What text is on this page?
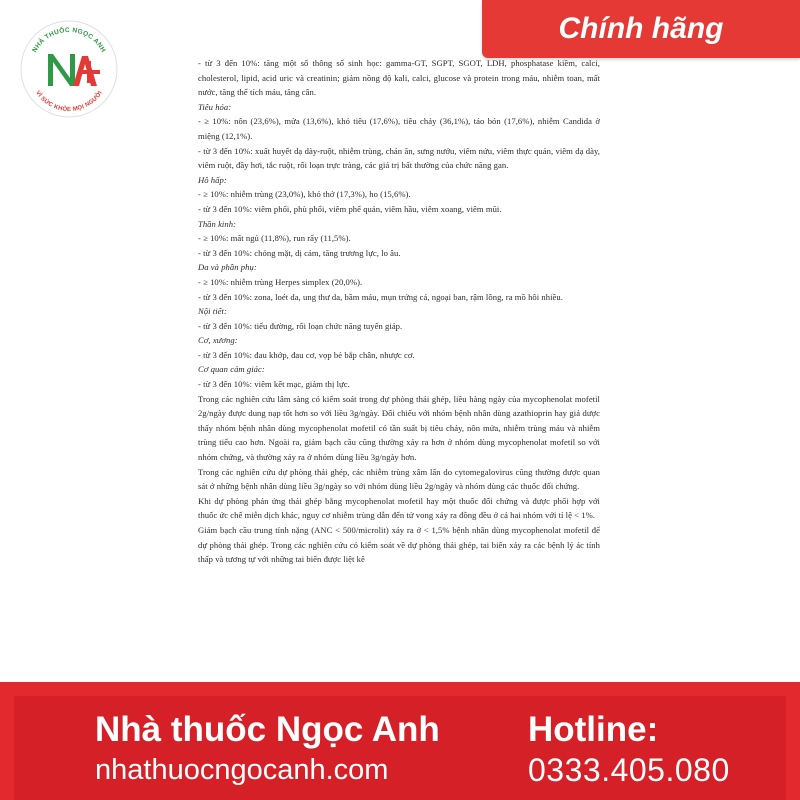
NHÀ THUỐC NGỌC ANH
VÌ SỨC KHỎE MỌI NGƯỜI
Chính hãng

- từ 3 đến 10%: tăng một số thông số sinh học: gamma-GT, SGPT, SGOT, LDH, phosphatase kiềm, calci, cholesterol, lipid, acid uric và creatinin; giảm nồng độ kali, calci, glucose và protein trong máu, nhiễm toan, mất nước, tăng thể tích máu, tăng cân.

Tiêu hóa:

- ≥ 10%: nôn (23,6%), mửa (13,6%), khó tiêu (17,6%), tiêu chảy (36,1%), táo bón (17,6%), nhiễm Candida ở miệng (12,1%).

- từ 3 đến 10%: xuất huyết dạ dày-ruột, nhiễm trùng, chán ăn, sưng nướu, viêm nứu, viêm thực quản, viêm dạ dày, viêm ruột, đầy hơi, tắc ruột, rối loạn trực tràng, các giá trị bất thường của chức năng gan.

Hô hấp:

- ≥ 10%: nhiễm trùng (23,0%), khó thở (17,3%), ho (15,6%).

- từ 3 đến 10%: viêm phổi, phù phổi, viêm phế quản, viêm hầu, viêm xoang, viêm mũi.

Thần kinh:

- ≥ 10%: mất ngủ (11,8%), run rẩy (11,5%).

- từ 3 đến 10%: chóng mặt, dị cảm, tăng trương lực, lo âu.

Da và phần phụ:

- ≥ 10%: nhiễm trùng Herpes simplex (20,0%).

- từ 3 đến 10%: zona, loét da, ung thư da, bầm máu, mụn trứng cá, ngoại ban, rậm lông, ra mồ hôi nhiều.

Nội tiết:

- từ 3 đến 10%: tiểu đường, rối loạn chức năng tuyến giáp.

Cơ, xương:

- từ 3 đến 10%: đau khớp, đau cơ, vọp bẻ bắp chân, nhược cơ.

Cơ quan cảm giác:

- từ 3 đến 10%: viêm kết mạc, giảm thị lực.

Trong các nghiên cứu lâm sàng có kiểm soát trong dự phòng thải ghép, liều hàng ngày của mycophenolat mofetil 2g/ngày được dung nạp tốt hơn so với liều 3g/ngày. Đối chiếu với nhóm bệnh nhân dùng azathioprin hay giả dược thấy nhóm bệnh nhân dùng mycophenolat mofetil có tần suất bị tiêu chảy, nôn mửa, nhiễm trùng máu và nhiễm trùng tiểu cao hơn. Ngoài ra, giảm bạch cầu cũng thường xảy ra hơn ở nhóm dùng mycophenolat mofetil so với nhóm chứng, và thường xảy ra ở nhóm dùng liều 3g/ngày hơn.

Trong các nghiên cứu dự phòng thải ghép, các nhiễm trùng xâm lấn do cytomegalovirus cũng thường được quan sát ở những bệnh nhân dùng liều 3g/ngày so với nhóm dùng liều 2g/ngày và nhóm dùng các thuốc đối chứng.

Khi dự phòng phản ứng thải ghép bằng mycophenolat mofetil hay một thuốc đối chứng và được phối hợp với thuốc ức chế miễn dịch khác, nguy cơ nhiễm trùng dẫn đến tử vong xảy ra đồng đều ở cả hai nhóm với tỉ lệ < 1%.

Giảm bạch cầu trung tính nặng (ANC < 500/microlit) xảy ra ở < 1,5% bệnh nhân dùng mycophenolat mofetil để dự phòng thải ghép. Trong các nghiên cứu có kiểm soát về dự phòng thải ghép, tai biến xảy ra các bệnh lý ác tính thấp và tương tự với những tai biến được liệt kê

Nhà thuốc Ngọc Anh
nhathuocngocanh.com
Hotline:
0333.405.080
